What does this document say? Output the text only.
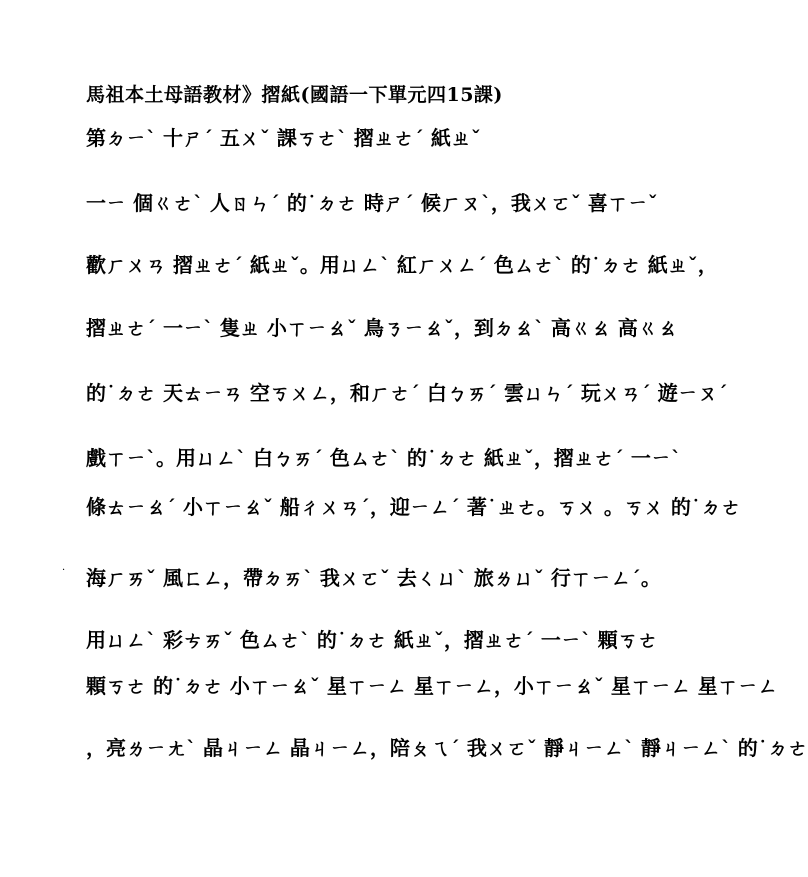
馬祖本土母語教材》摺紙(國語一下單元四15課)
第ㄉㄧˋ 十ㄕˊ 五ㄨˇ 課ㄎㄜˋ 摺ㄓㄜˊ 紙ㄓˇ
一ㄧ 個ㄍㄜˋ 人ㄖㄣˊ 的˙ㄉㄜ 時ㄕˊ 候ㄏㄡˋ，我ㄨㄛˇ 喜ㄒㄧˇ
歡ㄏㄨㄢ 摺ㄓㄜˊ 紙ㄓˇ。用ㄩㄥˋ 紅ㄏㄨㄥˊ 色ㄙㄜˋ 的˙ㄉㄜ 紙ㄓˇ，
摺ㄓㄜˊ 一ㄧˋ 隻ㄓ 小ㄒㄧㄠˇ 鳥ㄋㄧㄠˇ，到ㄉㄠˋ 高ㄍㄠ 高ㄍㄠ
的˙ㄉㄜ 天ㄊㄧㄢ 空ㄎㄨㄥ，和ㄏㄜˊ 白ㄅㄞˊ 雲ㄩㄣˊ 玩ㄨㄢˊ 遊ㄧㄡˊ
戲ㄒㄧˋ。用ㄩㄥˋ 白ㄅㄞˊ 色ㄙㄜˋ 的˙ㄉㄜ 紙ㄓˇ，摺ㄓㄜˊ 一ㄧˋ
條ㄊㄧㄠˊ 小ㄒㄧㄠˇ 船ㄔㄨㄢˊ，迎ㄧㄥˊ 著˙ㄓㄜ。ㄎㄨ 。ㄎㄨ 的˙ㄉㄜ
海ㄏㄞˇ 風ㄈㄥ，帶ㄉㄞˋ 我ㄨㄛˇ 去ㄑㄩˋ 旅ㄌㄩˇ 行ㄒㄧㄥˊ。
用ㄩㄥˋ 彩ㄘㄞˇ 色ㄙㄜˋ 的˙ㄉㄜ 紙ㄓˇ，摺ㄓㄜˊ 一ㄧˋ 顆ㄎㄜ
顆ㄎㄜ 的˙ㄉㄜ 小ㄒㄧㄠˇ 星ㄒㄧㄥ 星ㄒㄧㄥ，小ㄒㄧㄠˇ 星ㄒㄧㄥ 星ㄒㄧㄥ
，亮ㄌㄧㄤˋ 晶ㄐㄧㄥ 晶ㄐㄧㄥ，陪ㄆㄟˊ 我ㄨㄛˇ 靜ㄐㄧㄥˋ 靜ㄐㄧㄥˋ 的˙ㄉㄜ
·
